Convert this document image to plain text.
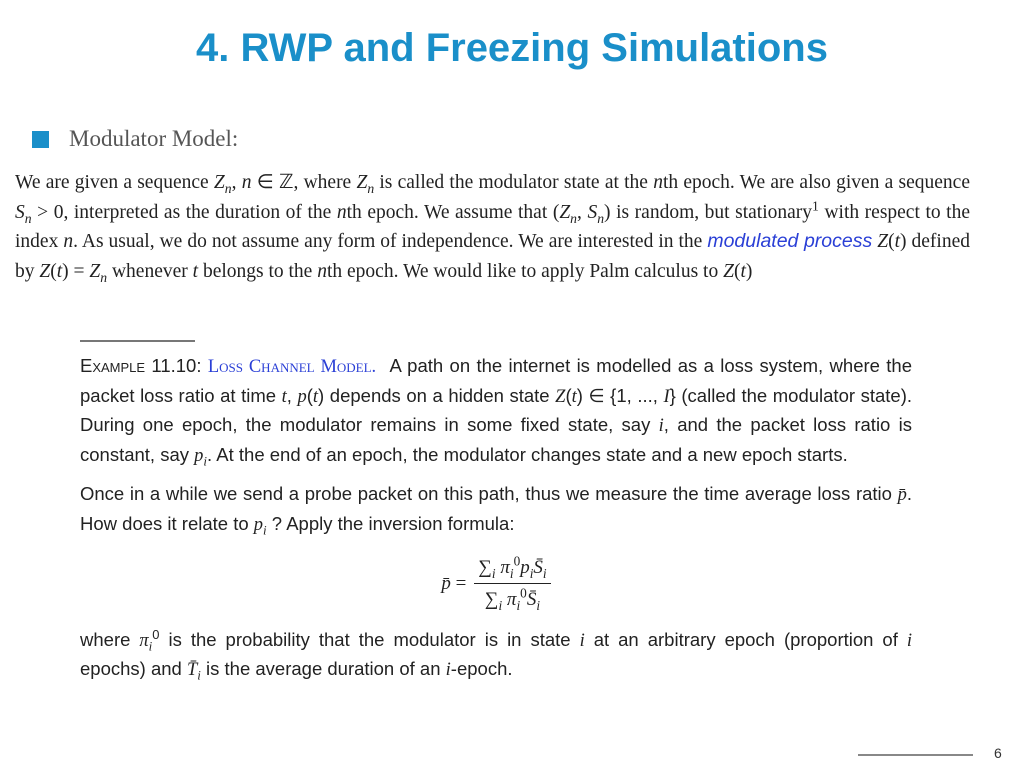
4. RWP and Freezing Simulations
Modulator Model:
We are given a sequence $Z_n$, n ∈ ℤ, where $Z_n$ is called the modulator state at the nth epoch. We are also given a sequence $S_n > 0$, interpreted as the duration of the nth epoch. We assume that ($Z_n$, $S_n$) is random, but stationary$^1$ with respect to the index n. As usual, we do not assume any form of independence. We are interested in the modulated process Z(t) defined by $Z(t) = Z_n$ whenever t belongs to the nth epoch. We would like to apply Palm calculus to Z(t)

Example 11.10: Loss Channel Model. A path on the internet is modelled as a loss system, where the packet loss ratio at time t, p(t) depends on a hidden state Z(t) ∈ {1, ..., I} (called the modulator state). During one epoch, the modulator remains in some fixed state, say i, and the packet loss ratio is constant, say $p_i$. At the end of an epoch, the modulator changes state and a new epoch starts.

Once in a while we send a probe packet on this path, thus we measure the time average loss ratio p̄. How does it relate to $p_i$ ? Apply the inversion formula:

p̄ = $\frac{\sum_i \pi_i^0p_iS̄_i}{\sum_i \pi_i^0S̄_i}$

where $\pi_i^0$ is the probability that the modulator is in state i at an arbitrary epoch (proportion of i epochs) and $T̄_i$ is the average duration of an i-epoch.

6
